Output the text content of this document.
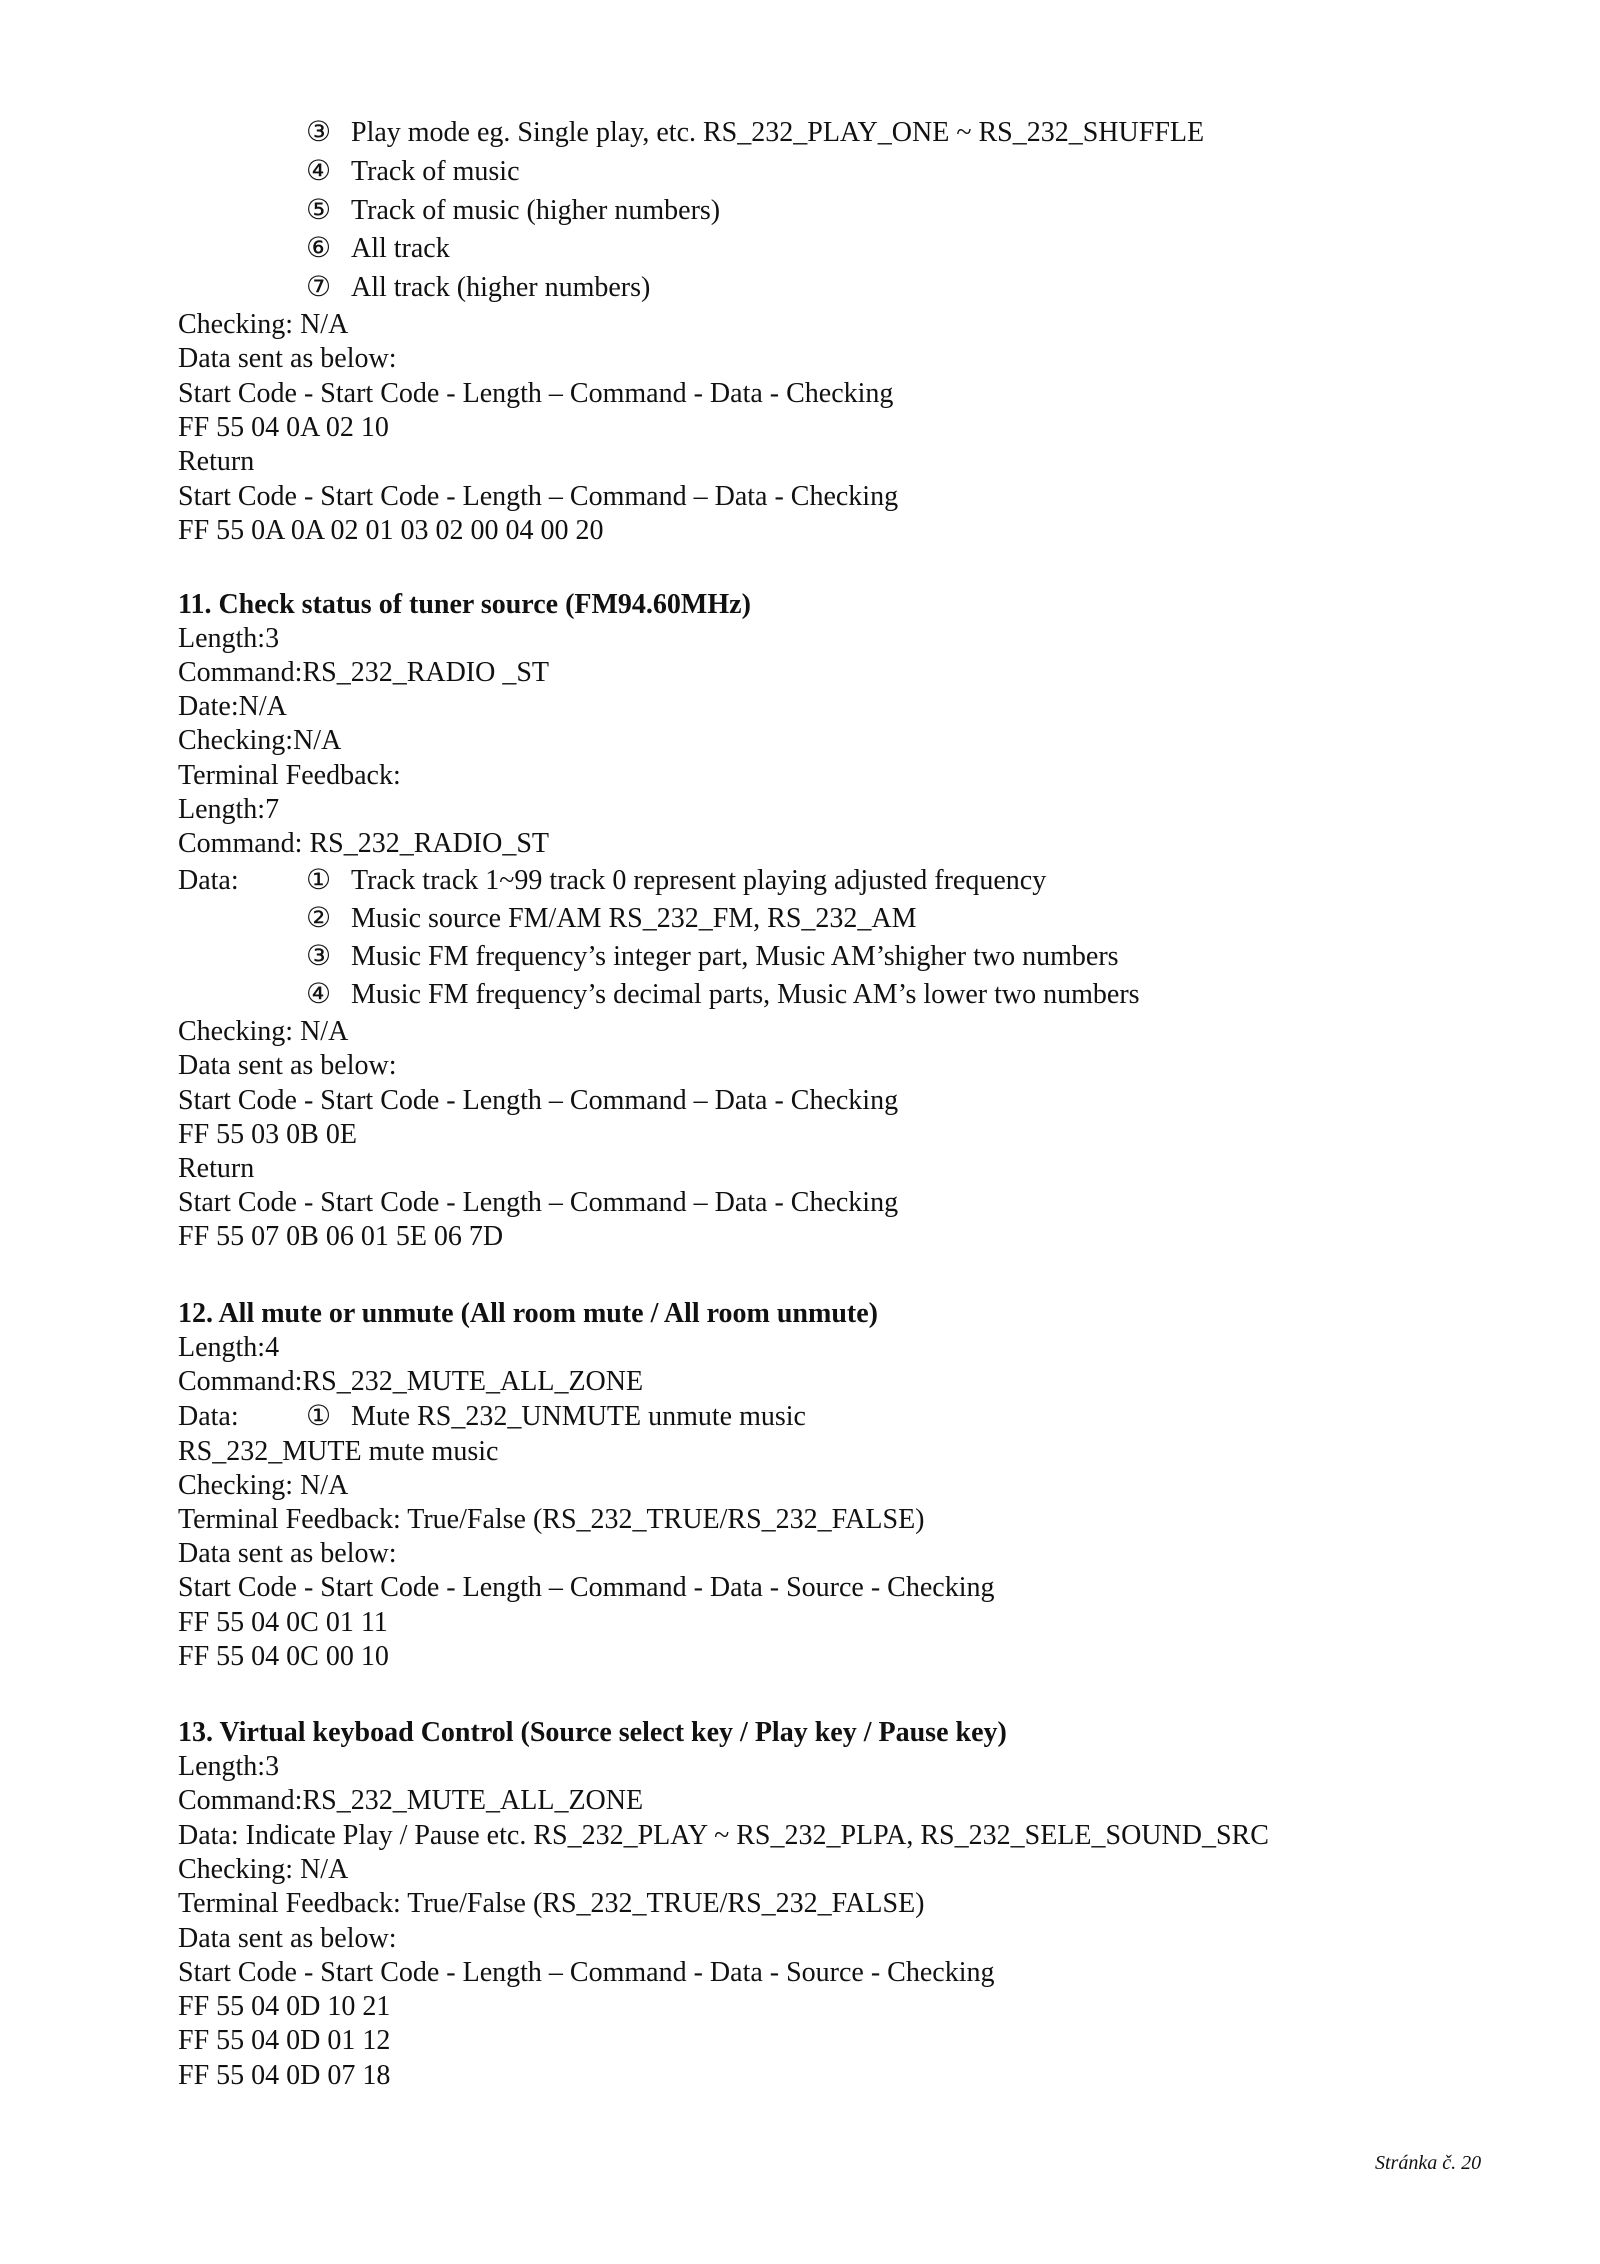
③ Play mode eg. Single play, etc. RS_232_PLAY_ONE ~ RS_232_SHUFFLE
④ Track of music
⑤ Track of music (higher numbers)
⑥ All track
⑦ All track (higher numbers)
Checking: N/A
Data sent as below:
Start Code - Start Code - Length – Command - Data - Checking
FF 55 04 0A 02 10
Return
Start Code - Start Code - Length – Command – Data - Checking
FF 55 0A 0A 02 01 03 02 00 04 00 20
11. Check status of tuner source (FM94.60MHz)
Length:3
Command:RS_232_RADIO _ST
Date:N/A
Checking:N/A
Terminal Feedback:
Length:7
Command: RS_232_RADIO_ST
Data: ① Track track 1~99 track 0 represent playing adjusted frequency
② Music source FM/AM RS_232_FM, RS_232_AM
③ Music FM frequency’s integer part, Music AM’shigher two numbers
④ Music FM frequency’s decimal parts, Music AM’s lower two numbers
Checking: N/A
Data sent as below:
Start Code - Start Code - Length – Command – Data - Checking
FF 55 03 0B 0E
Return
Start Code - Start Code - Length – Command – Data - Checking
FF 55 07 0B 06 01 5E 06 7D
12. All mute or unmute (All room mute / All room unmute)
Length:4
Command:RS_232_MUTE_ALL_ZONE
Data: ① Mute RS_232_UNMUTE unmute music
RS_232_MUTE mute music
Checking: N/A
Terminal Feedback: True/False (RS_232_TRUE/RS_232_FALSE)
Data sent as below:
Start Code - Start Code - Length – Command - Data - Source - Checking
FF 55 04 0C 01 11
FF 55 04 0C 00 10
13. Virtual keyboad Control (Source select key / Play key / Pause key)
Length:3
Command:RS_232_MUTE_ALL_ZONE
Data: Indicate Play / Pause etc. RS_232_PLAY ~ RS_232_PLPA, RS_232_SELE_SOUND_SRC
Checking: N/A
Terminal Feedback: True/False (RS_232_TRUE/RS_232_FALSE)
Data sent as below:
Start Code - Start Code - Length – Command - Data - Source - Checking
FF 55 04 0D 10 21
FF 55 04 0D 01 12
FF 55 04 0D 07 18
Stránka č. 20
